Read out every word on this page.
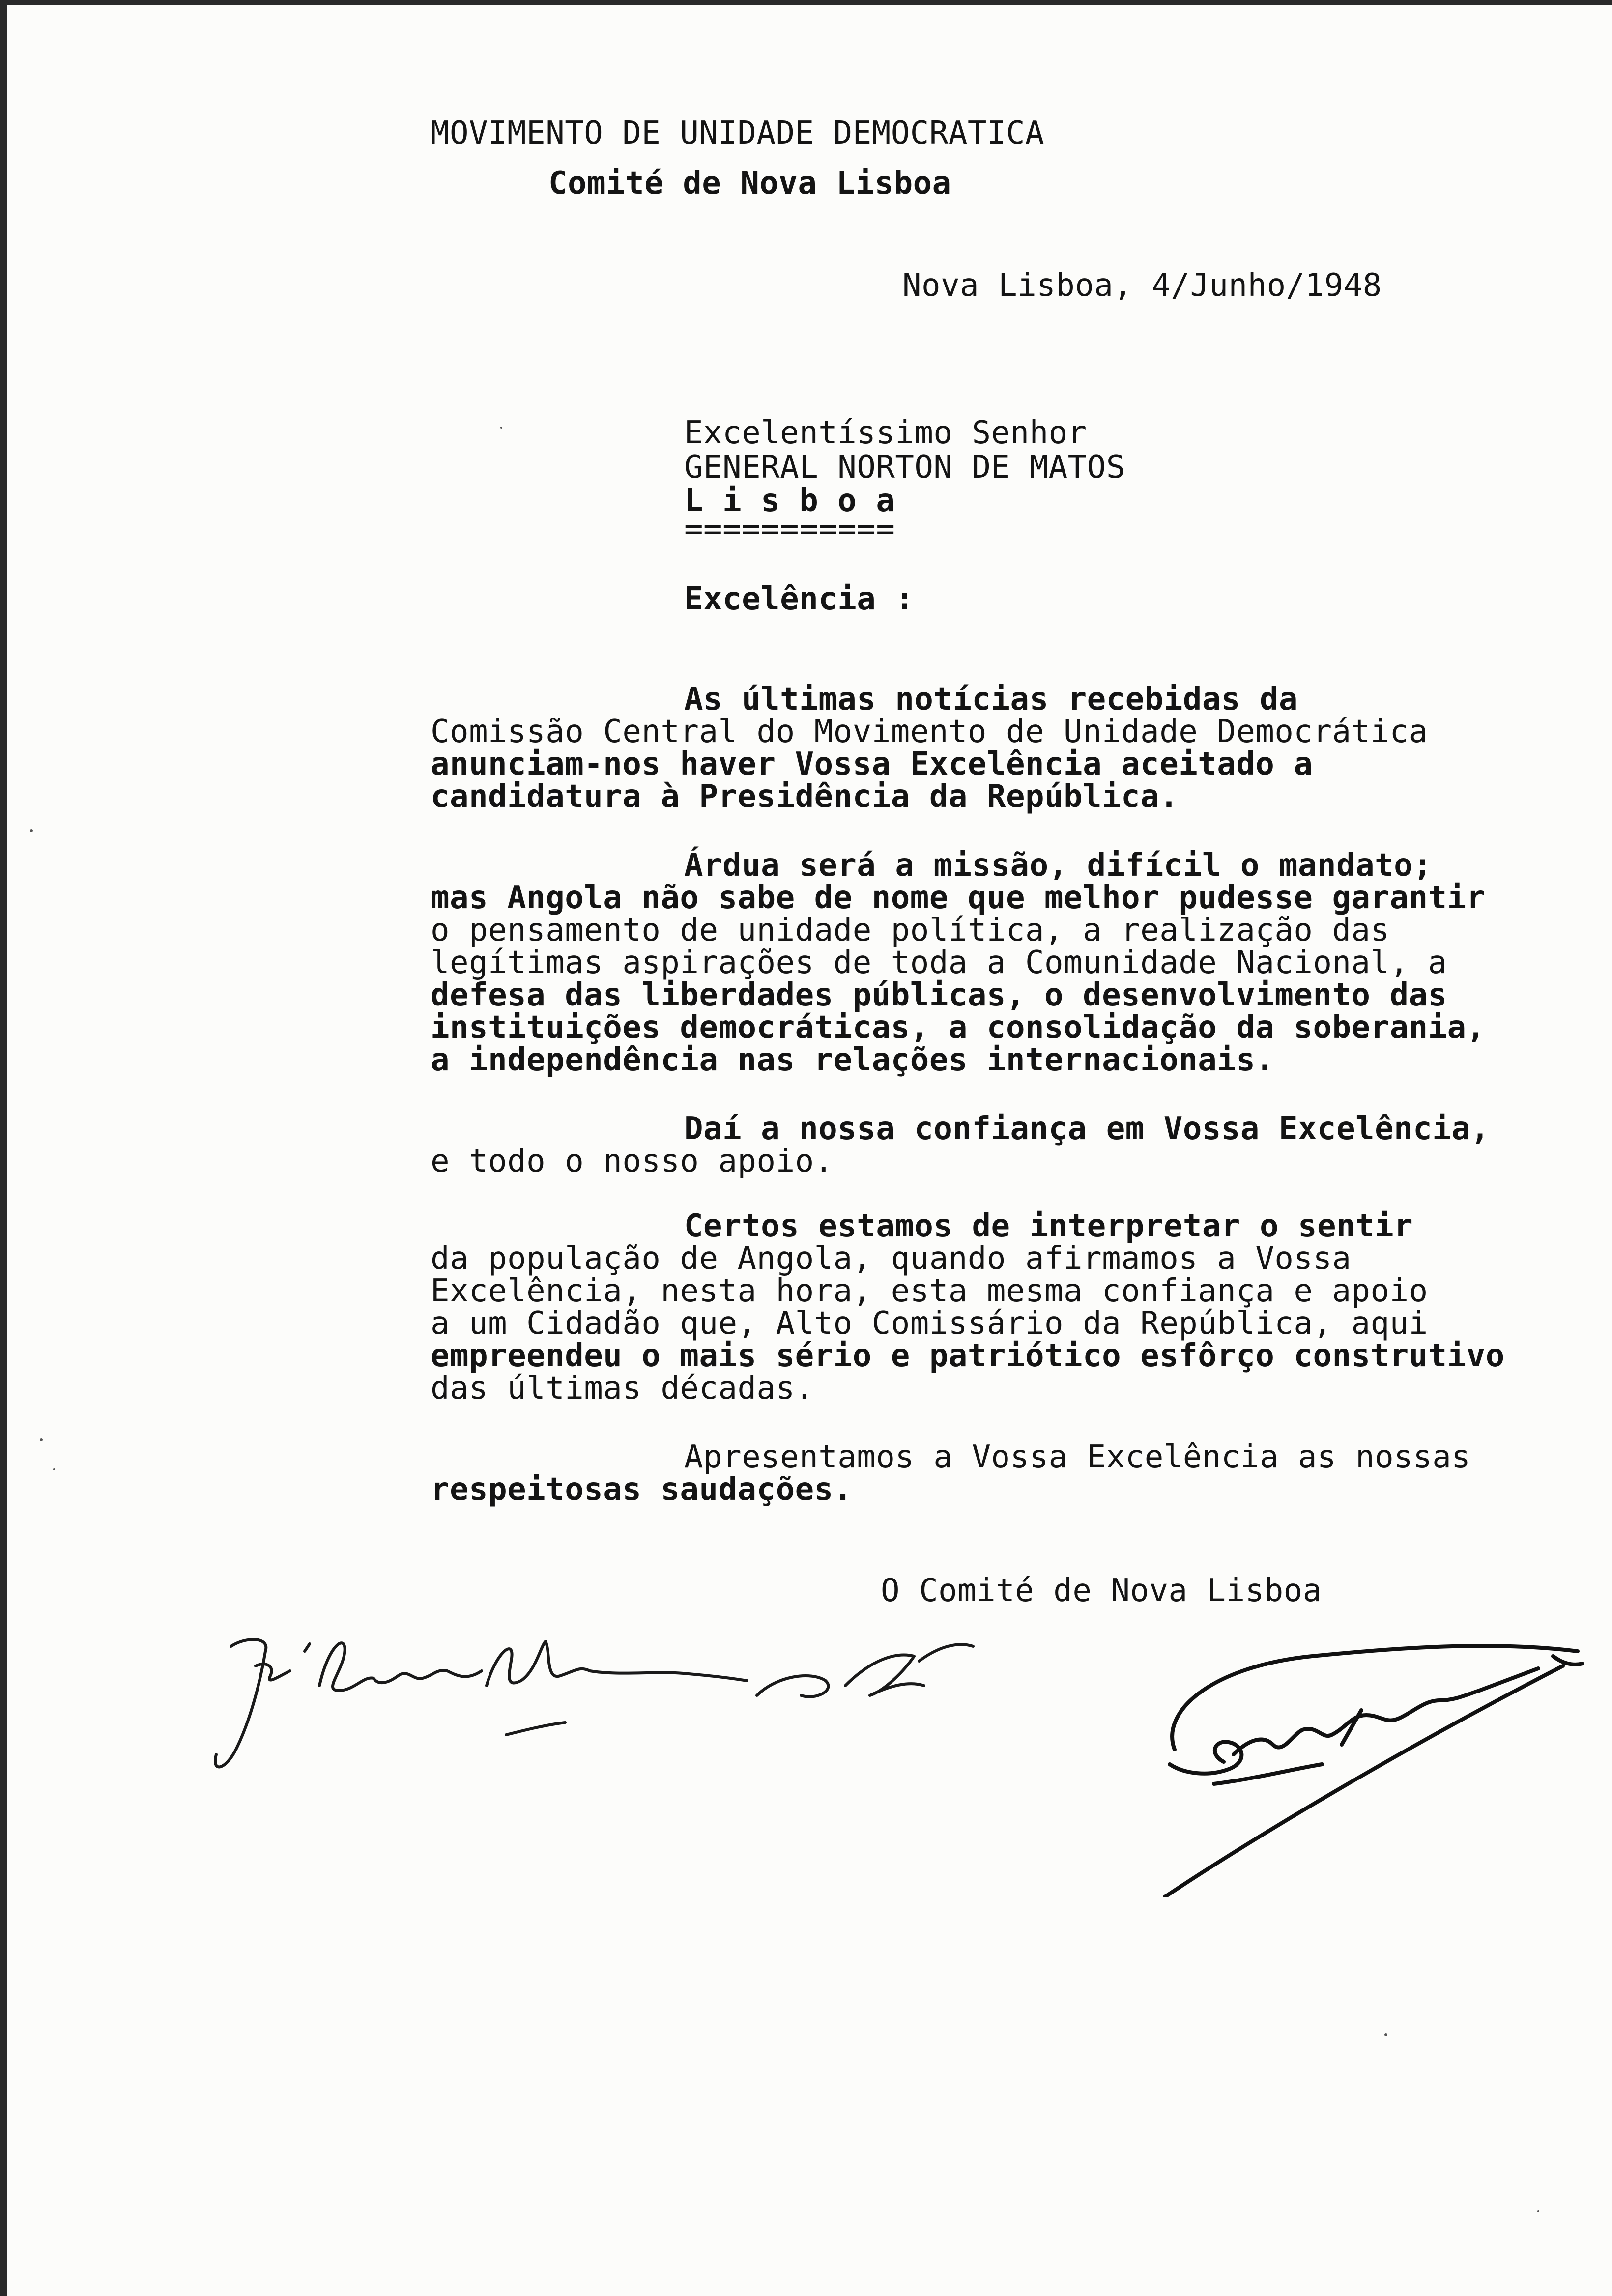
MOVIMENTO DE UNIDADE DEMOCRATICA

Comité de Nova Lisboa

Nova Lisboa, 4/Junho/1948

Excelentíssimo Senhor

GENERAL NORTON DE MATOS

L i s b o a

===========

Excelência :

As últimas notícias recebidas da

Comissão Central do Movimento de Unidade Democrática

anunciam-nos haver Vossa Excelência aceitado a

candidatura à Presidência da República.

Árdua será a missão, difícil o mandato;

mas Angola não sabe de nome que melhor pudesse garantir

o pensamento de unidade política, a realização das

legítimas aspirações de toda a Comunidade Nacional, a

defesa das liberdades públicas, o desenvolvimento das

instituições democráticas, a consolidação da soberania,

a independência nas relações internacionais.

Daí a nossa confiança em Vossa Excelência,

e todo o nosso apoio.

Certos estamos de interpretar o sentir

da população de Angola, quando afirmamos a Vossa

Excelência, nesta hora, esta mesma confiança e apoio

a um Cidadão que, Alto Comissário da República, aqui

empreendeu o mais sério e patriótico esfôrço construtivo

das últimas décadas.

Apresentamos a Vossa Excelência as nossas

respeitosas saudações.

O Comité de Nova Lisboa
